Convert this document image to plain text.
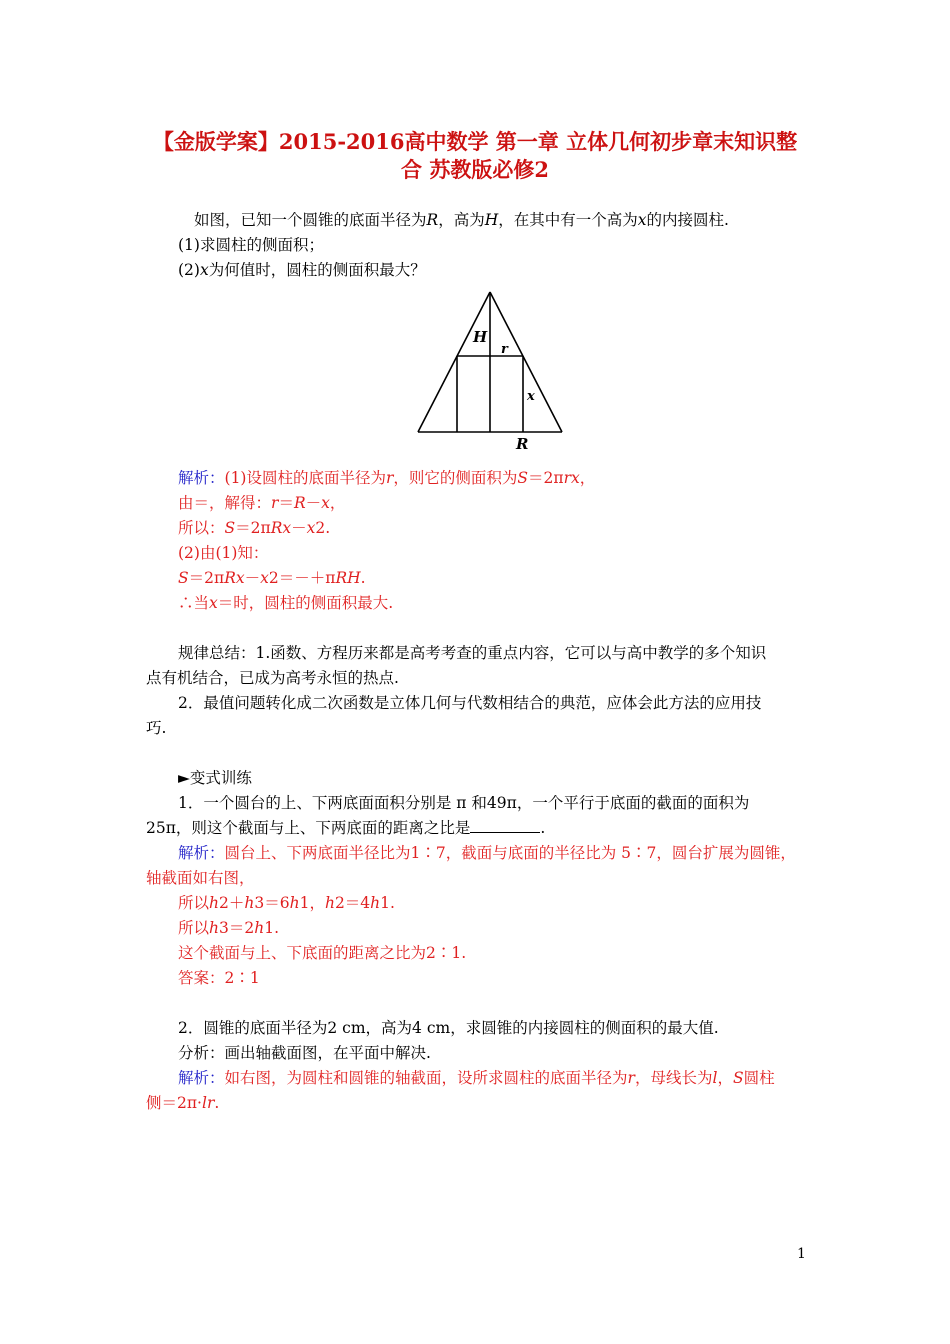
【金版学案】2015-2016高中数学 第一章 立体几何初步章末知识整
合 苏教版必修2
如图，已知一个圆锥的底面半径为R，高为H，在其中有一个高为x的内接圆柱.
(1)求圆柱的侧面积；
(2)x为何值时，圆柱的侧面积最大？
H
r
x
R
解析：(1)设圆柱的底面半径为r，则它的侧面积为S＝2πrx，
由＝，解得：r＝R－x，
所以：S＝2πRx－x2.
(2)由(1)知：
S＝2πRx－x2＝－＋πRH.
∴当x＝时，圆柱的侧面积最大.
规律总结：1.函数、方程历来都是高考考查的重点内容，它可以与高中教学的多个知识
点有机结合，已成为高考永恒的热点.
2．最值问题转化成二次函数是立体几何与代数相结合的典范，应体会此方法的应用技
巧.
►变式训练
1．一个圆台的上、下两底面面积分别是 π 和49π，一个平行于底面的截面的面积为
25π，则这个截面与上、下两底面的距离之比是	.
解析：圆台上、下两底面半径比为1∶7，截面与底面的半径比为 5∶7，圆台扩展为圆锥，
轴截面如右图，
所以h2＋h3＝6h1，h2＝4h1.
所以h3＝2h1.
这个截面与上、下底面的距离之比为2∶1.
答案：2∶1
2．圆锥的底面半径为2 cm，高为4 cm，求圆锥的内接圆柱的侧面积的最大值.
分析：画出轴截面图，在平面中解决.
解析：如右图，为圆柱和圆锥的轴截面，设所求圆柱的底面半径为r，母线长为l，S圆柱
侧＝2π·lr.
1
